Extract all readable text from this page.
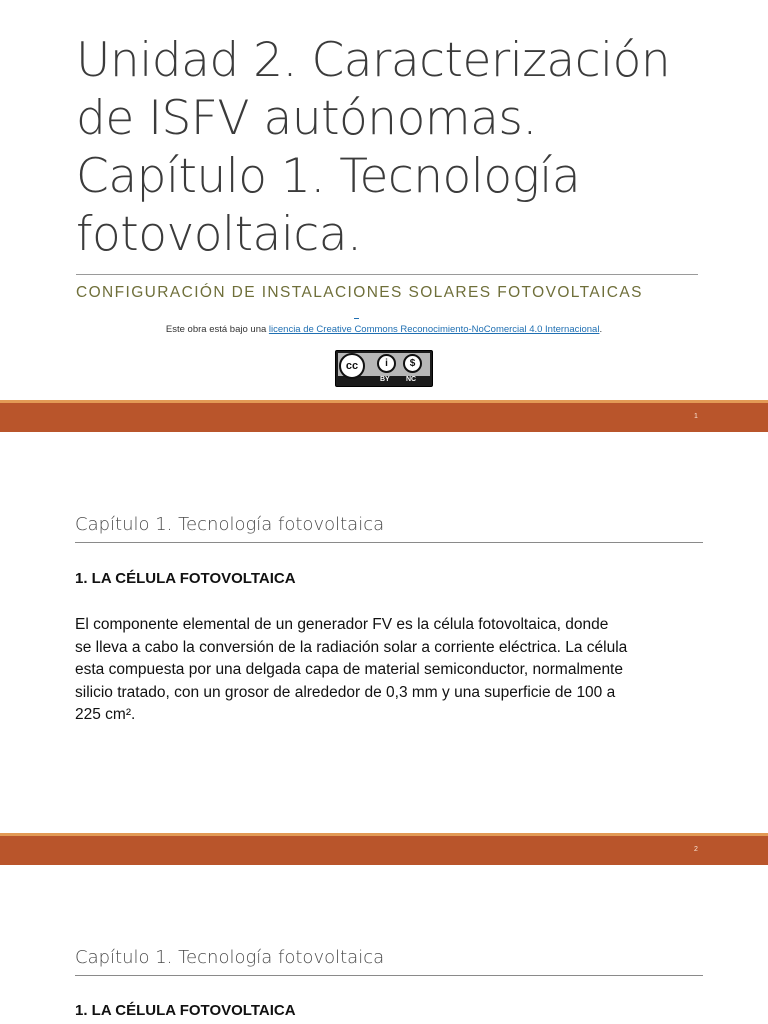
Unidad 2. Caracterización
de ISFV autónomas.
Capítulo 1. Tecnología
fotovoltaica.
CONFIGURACIÓN DE INSTALACIONES SOLARES FOTOVOLTAICAS
Este obra está bajo una licencia de Creative Commons Reconocimiento-NoComercial 4.0 Internacional.
cc	i	$
BY NC
1
Capítulo 1. Tecnología fotovoltaica
1. LA CÉLULA FOTOVOLTAICA

El componente elemental de un generador FV es la célula fotovoltaica, donde
se lleva a cabo la conversión de la radiación solar a corriente eléctrica. La célula
esta compuesta por una delgada capa de material semiconductor, normalmente
silicio tratado, con un grosor de alrededor de 0,3 mm y una superficie de 100 a
225 cm².

2
Capítulo 1. Tecnología fotovoltaica
1. LA CÉLULA FOTOVOLTAICA
